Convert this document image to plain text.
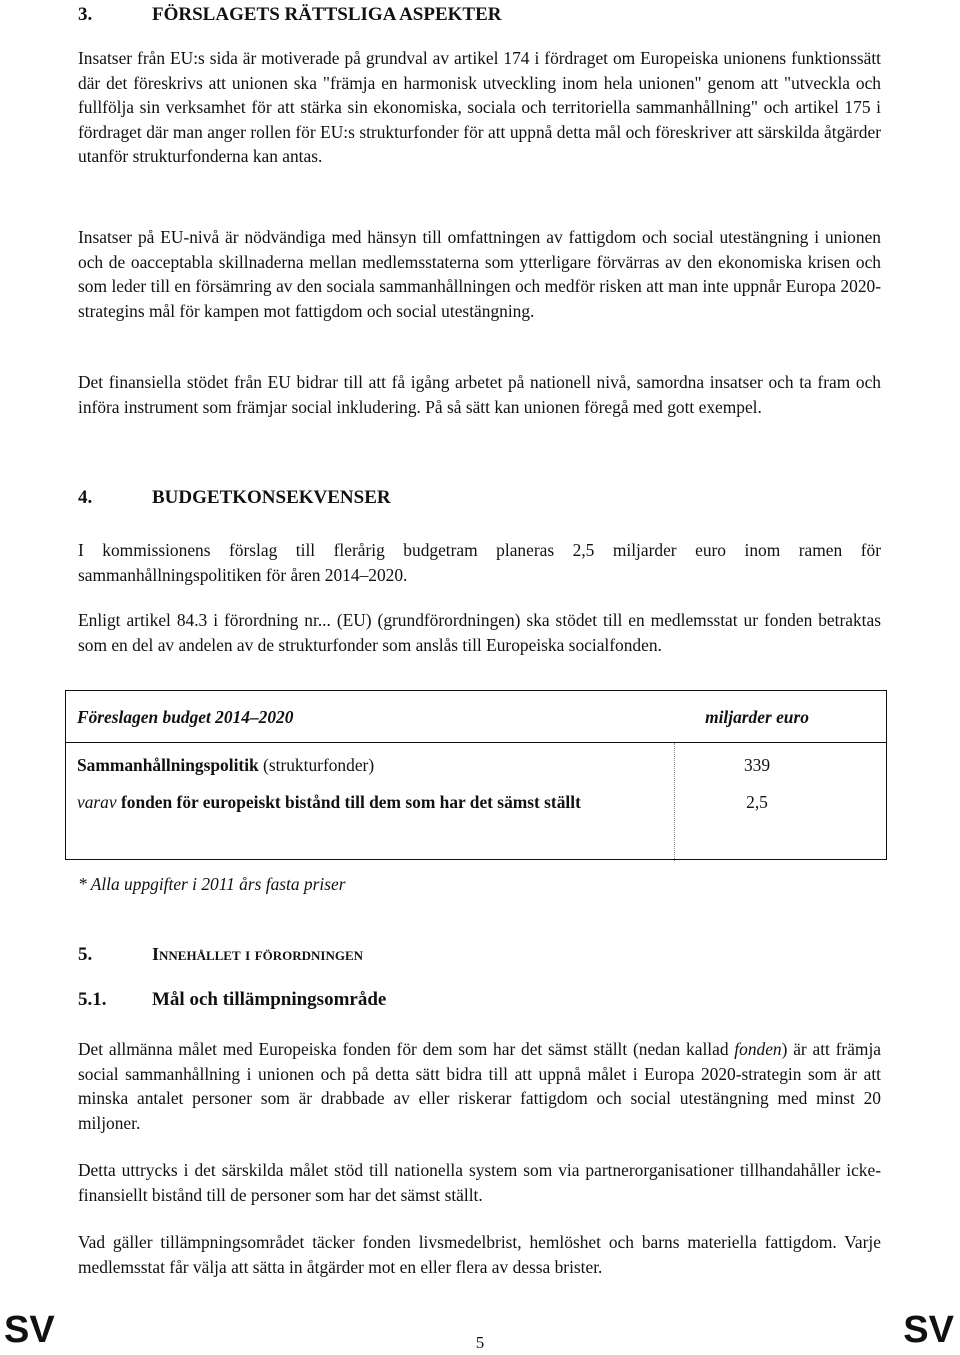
3.	FÖRSLAGETS RÄTTSLIGA ASPEKTER

Insatser från EU:s sida är motiverade på grundval av artikel 174 i fördraget om Europeiska unionens funktionssätt där det föreskrivs att unionen ska "främja en harmonisk utveckling inom hela unionen" genom att "utveckla och fullfölja sin verksamhet för att stärka sin ekonomiska, sociala och territoriella sammanhållning" och artikel 175 i fördraget där man anger rollen för EU:s strukturfonder för att uppnå detta mål och föreskriver att särskilda åtgärder utanför strukturfonderna kan antas.

Insatser på EU-nivå är nödvändiga med hänsyn till omfattningen av fattigdom och social utestängning i unionen och de oacceptabla skillnaderna mellan medlemsstaterna som ytterligare förvärras av den ekonomiska krisen och som leder till en försämring av den sociala sammanhållningen och medför risken att man inte uppnår Europa 2020-strategins mål för kampen mot fattigdom och social utestängning.

Det finansiella stödet från EU bidrar till att få igång arbetet på nationell nivå, samordna insatser och ta fram och införa instrument som främjar social inkludering. På så sätt kan unionen föregå med gott exempel.

4.	BUDGETKONSEKVENSER

I kommissionens förslag till flerårig budgetram planeras 2,5 miljarder euro inom ramen för sammanhållningspolitiken för åren 2014–2020.

Enligt artikel 84.3 i förordning nr... (EU) (grundförordningen) ska stödet till en medlemsstat ur fonden betraktas som en del av andelen av de strukturfonder som anslås till Europeiska socialfonden.

Föreslagen budget 2014–2020	miljarder euro
Sammanhållningspolitik (strukturfonder)	339
varav fonden för europeiskt bistånd till dem som har det sämst ställt	2,5

* Alla uppgifter i 2011 års fasta priser

5.	Innehållet i förordningen
5.1. Mål och tillämpningsområde

Det allmänna målet med Europeiska fonden för dem som har det sämst ställt (nedan kallad fonden) är att främja social sammanhållning i unionen och på detta sätt bidra till att uppnå målet i Europa 2020-strategin som är att minska antalet personer som är drabbade av eller riskerar fattigdom och social utestängning med minst 20 miljoner.

Detta uttrycks i det särskilda målet stöd till nationella system som via partnerorganisationer tillhandahåller icke-finansiellt bistånd till de personer som har det sämst ställt.

Vad gäller tillämpningsområdet täcker fonden livsmedelbrist, hemlöshet och barns materiella fattigdom. Varje medlemsstat får välja att sätta in åtgärder mot en eller flera av dessa brister.

SV	5	SV
